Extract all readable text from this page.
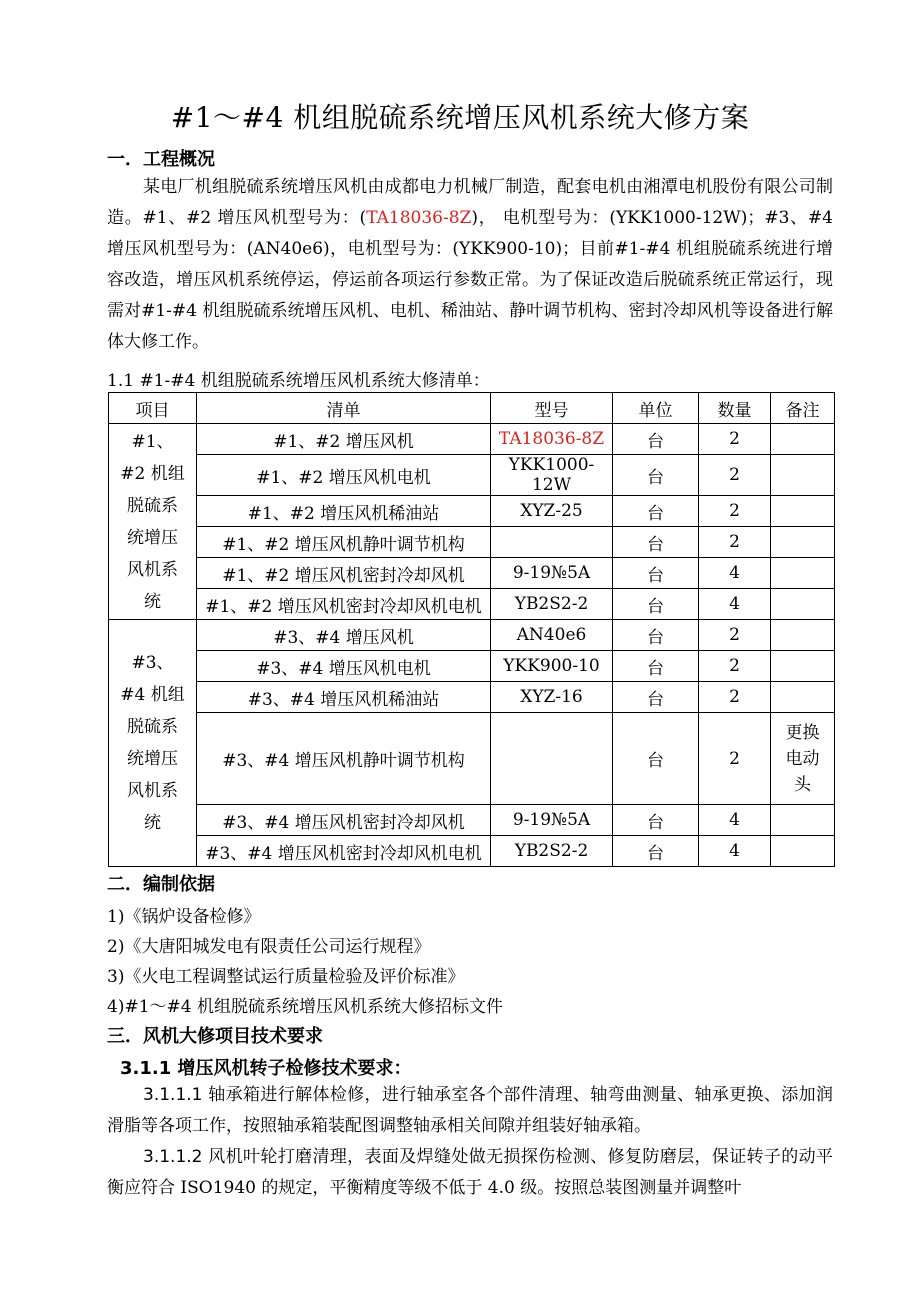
#1～#4 机组脱硫系统增压风机系统大修方案

一．工程概况

某电厂机组脱硫系统增压风机由成都电力机械厂制造，配套电机由湘潭电机股份有限公司制造。#1、#2 增压风机型号为：(TA18036-8Z)， 电机型号为：(YKK1000-12W)；#3、#4 增压风机型号为：(AN40e6)，电机型号为：(YKK900-10)；目前#1-#4 机组脱硫系统进行增容改造，增压风机系统停运，停运前各项运行参数正常。为了保证改造后脱硫系统正常运行，现需对#1-#4 机组脱硫系统增压风机、电机、稀油站、静叶调节机构、密封冷却风机等设备进行解体大修工作。

1.1 #1-#4 机组脱硫系统增压风机系统大修清单：

项目	清单	型号	单位	数量	备注
#1、#2 机组脱硫系统增压风机系统	#1、#2 增压风机	TA18036-8Z	台	2	
	#1、#2 增压风机电机	YKK1000-12W	台	2	
	#1、#2 增压风机稀油站	XYZ-25	台	2	
	#1、#2 增压风机静叶调节机构		台	2	
	#1、#2 增压风机密封冷却风机	9-19№5A	台	4	
	#1、#2 增压风机密封冷却风机电机	YB2S2-2	台	4	
#3、#4 机组脱硫系统增压风机系统	#3、#4 增压风机	AN40e6	台	2	
	#3、#4 增压风机电机	YKK900-10	台	2	
	#3、#4 增压风机稀油站	XYZ-16	台	2	
	#3、#4 增压风机静叶调节机构		台	2	更换电动头
	#3、#4 增压风机密封冷却风机	9-19№5A	台	4	
	#3、#4 增压风机密封冷却风机电机	YB2S2-2	台	4	

二．编制依据

1)《锅炉设备检修》

2)《大唐阳城发电有限责任公司运行规程》

3)《火电工程调整试运行质量检验及评价标准》

4)#1～#4 机组脱硫系统增压风机系统大修招标文件

三．风机大修项目技术要求

3.1.1 增压风机转子检修技术要求：

3.1.1.1 轴承箱进行解体检修，进行轴承室各个部件清理、轴弯曲测量、轴承更换、添加润滑脂等各项工作，按照轴承箱装配图调整轴承相关间隙并组装好轴承箱。

3.1.1.2 风机叶轮打磨清理，表面及焊缝处做无损探伤检测、修复防磨层，保证转子的动平衡应符合 ISO1940 的规定，平衡精度等级不低于 4.0 级。按照总装图测量并调整叶
